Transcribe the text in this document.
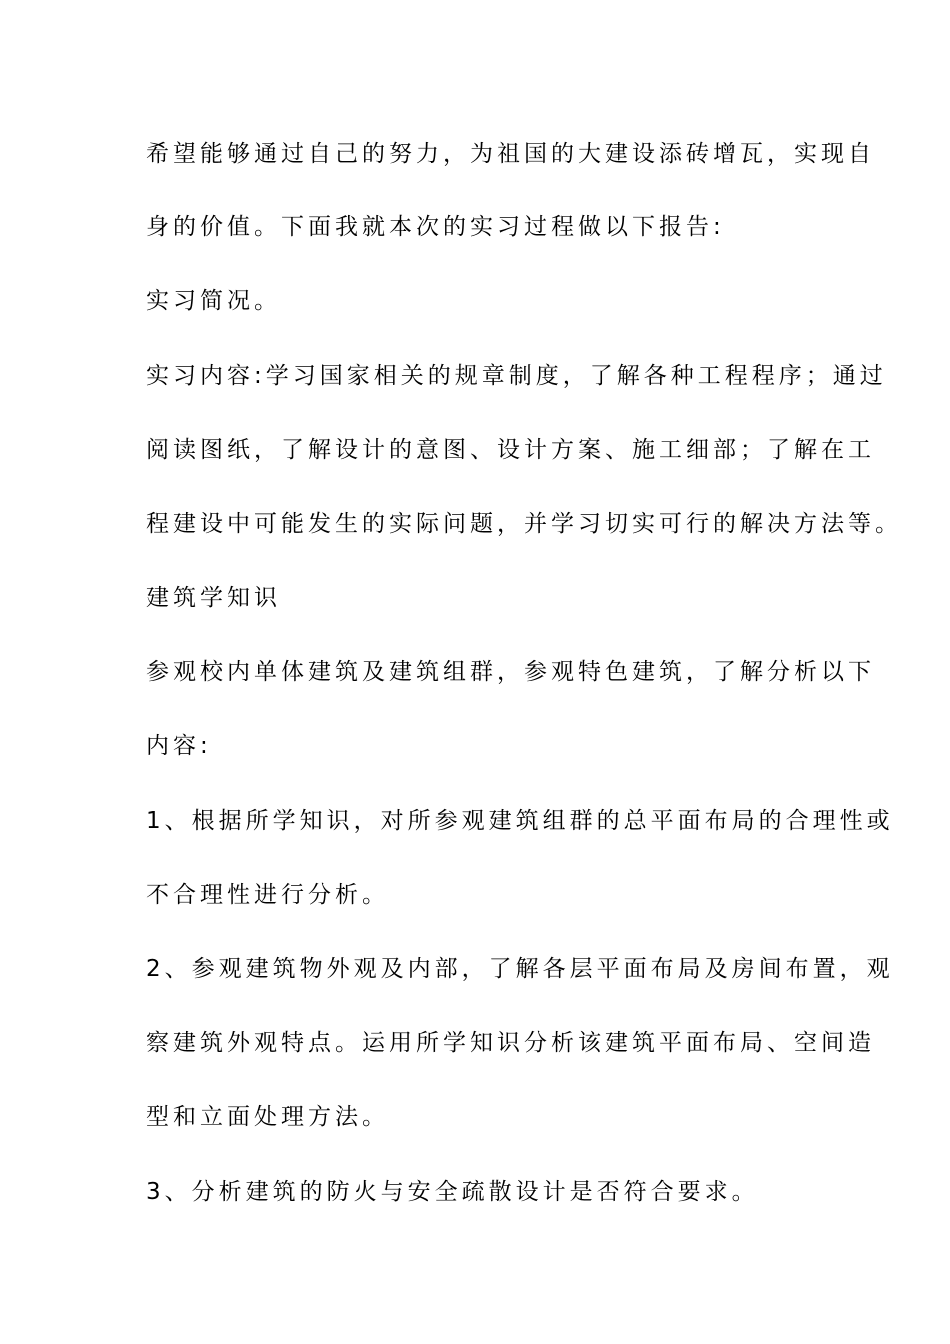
希望能够通过自己的努力，为祖国的大建设添砖增瓦，实现自
身的价值。下面我就本次的实习过程做以下报告:
实习简况。
实习内容:学习国家相关的规章制度，了解各种工程程序；通过
阅读图纸，了解设计的意图、设计方案、施工细部；了解在工
程建设中可能发生的实际问题，并学习切实可行的解决方法等。
建筑学知识
参观校内单体建筑及建筑组群，参观特色建筑，了解分析以下
内容:
1、根据所学知识，对所参观建筑组群的总平面布局的合理性或
不合理性进行分析。
2、参观建筑物外观及内部，了解各层平面布局及房间布置，观
察建筑外观特点。运用所学知识分析该建筑平面布局、空间造
型和立面处理方法。
3、分析建筑的防火与安全疏散设计是否符合要求。
